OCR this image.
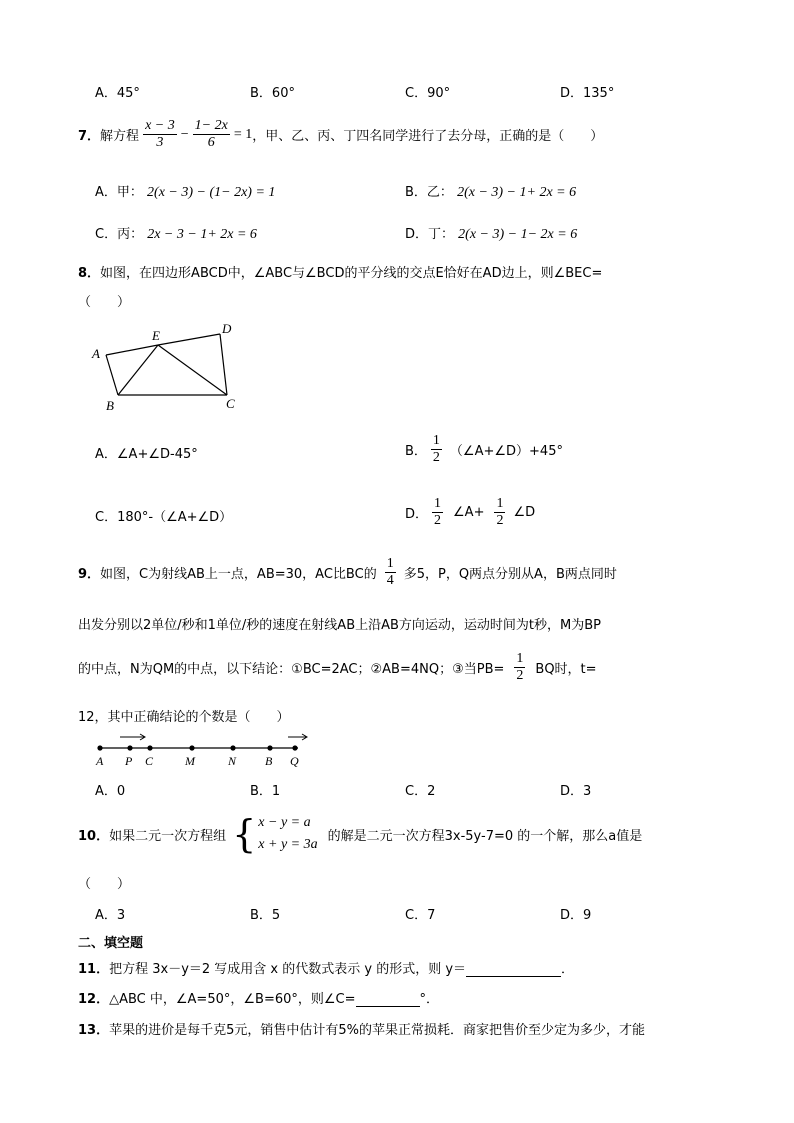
A．45°	B．60°	C．90°	D．135°
7． 解方程 $\frac{x - 3}{3} - \frac{1- 2x}{6} = 1$ ，甲、乙、丙、丁四名同学进行了去分母，正确的是（　　）
A．甲： 2(x − 3) − (1− 2x) = 1	B．乙： 2(x − 3) − 1+ 2x = 6
C．丙： 2x − 3 − 1+ 2x = 6	D．丁： 2(x − 3) − 1− 2x = 6
8．如图，在四边形ABCD中，∠ABC与∠BCD的平分线的交点E恰好在AD边上，则∠BEC=
（　　）
A
B	C
D
E
A．∠A+∠D-45°	B． $\frac{1}{2}$ （∠A+∠D）+45°
C．180°-（∠A+∠D）	D． $\frac{1}{2}$ ∠A+ $\frac{1}{2}$ ∠D
9． 如图，C为射线AB上一点，AB=30，AC比BC的 $\frac{1}{4}$ 多5，P，Q两点分别从A，B两点同时
出发分别以2单位/秒和1单位/秒的速度在射线AB上沿AB方向运动，运动时间为t秒，M为BP
的中点，N为QM的中点，以下结论：①BC=2AC；②AB=4NQ；③当$PB= \frac{1}{2}$ BQ时，t=
12，其中正确结论的个数是（　　）
A P C	M	N B Q
A．0	B．1	C．2	D．3
10． 如果二元一次方程组 { x − y = a
x + y = 3a
的解是二元一次方程3x-5y-7=0 的一个解，那么a值是
（　　）
A．3	B．5	C．7	D．9
二、填空题
11．把方程 3x－y＝2 写成用含 x 的代数式表示 y 的形式，则 y＝	．
12．△ABC 中，∠A=50°，∠B=60°，则∠C=	°．
13．苹果的进价是每千克5元，销售中估计有5%的苹果正常损耗．商家把售价至少定为多少，才能
